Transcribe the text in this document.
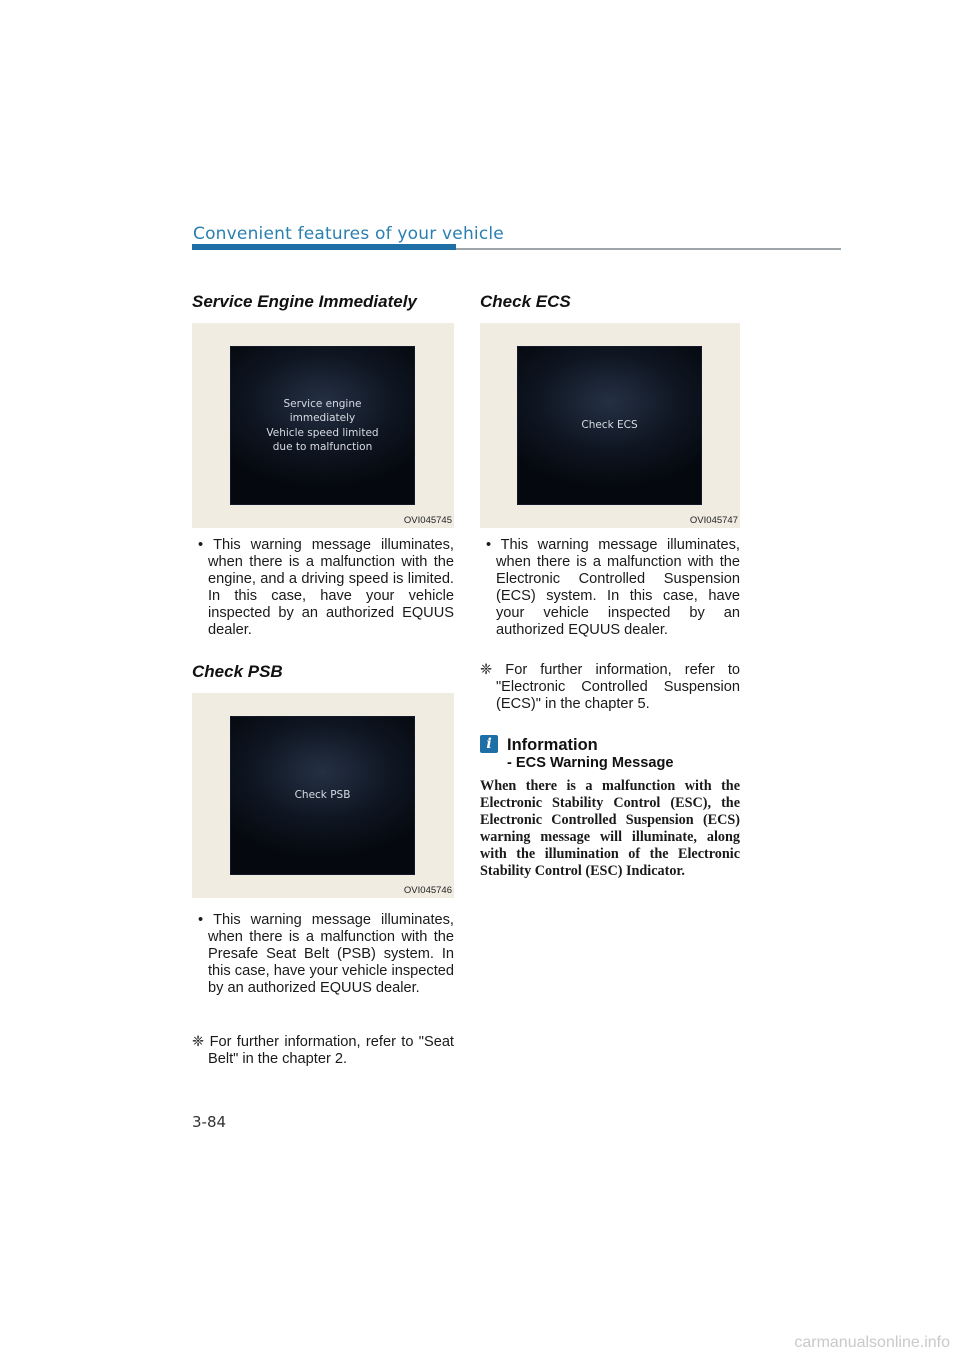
Convenient features of your vehicle
Service Engine Immediately
Service engine
immediately
Vehicle speed limited
due to malfunction
OVI045745
• This warning message illuminates, when there is a malfunction with the engine, and a driving speed is limited. In this case, have your vehicle inspected by an authorized EQUUS dealer.
Check PSB
Check PSB
OVI045746
• This warning message illuminates, when there is a malfunction with the Presafe Seat Belt (PSB) system. In this case, have your vehicle inspected by an authorized EQUUS dealer.
❈ For further information, refer to "Seat Belt" in the chapter 2.
Check ECS
Check ECS
OVI045747
• This warning message illuminates, when there is a malfunction with the Electronic Controlled Suspension (ECS) system. In this case, have your vehicle inspected by an authorized EQUUS dealer.
❈ For further information, refer to "Electronic Controlled Suspension (ECS)" in the chapter 5.
i Information
- ECS Warning Message
When there is a malfunction with the Electronic Stability Control (ESC), the Electronic Controlled Suspension (ECS) warning message will illuminate, along with the illumination of the Electronic Stability Control (ESC) Indicator.
3-84
carmanualsonline.info
